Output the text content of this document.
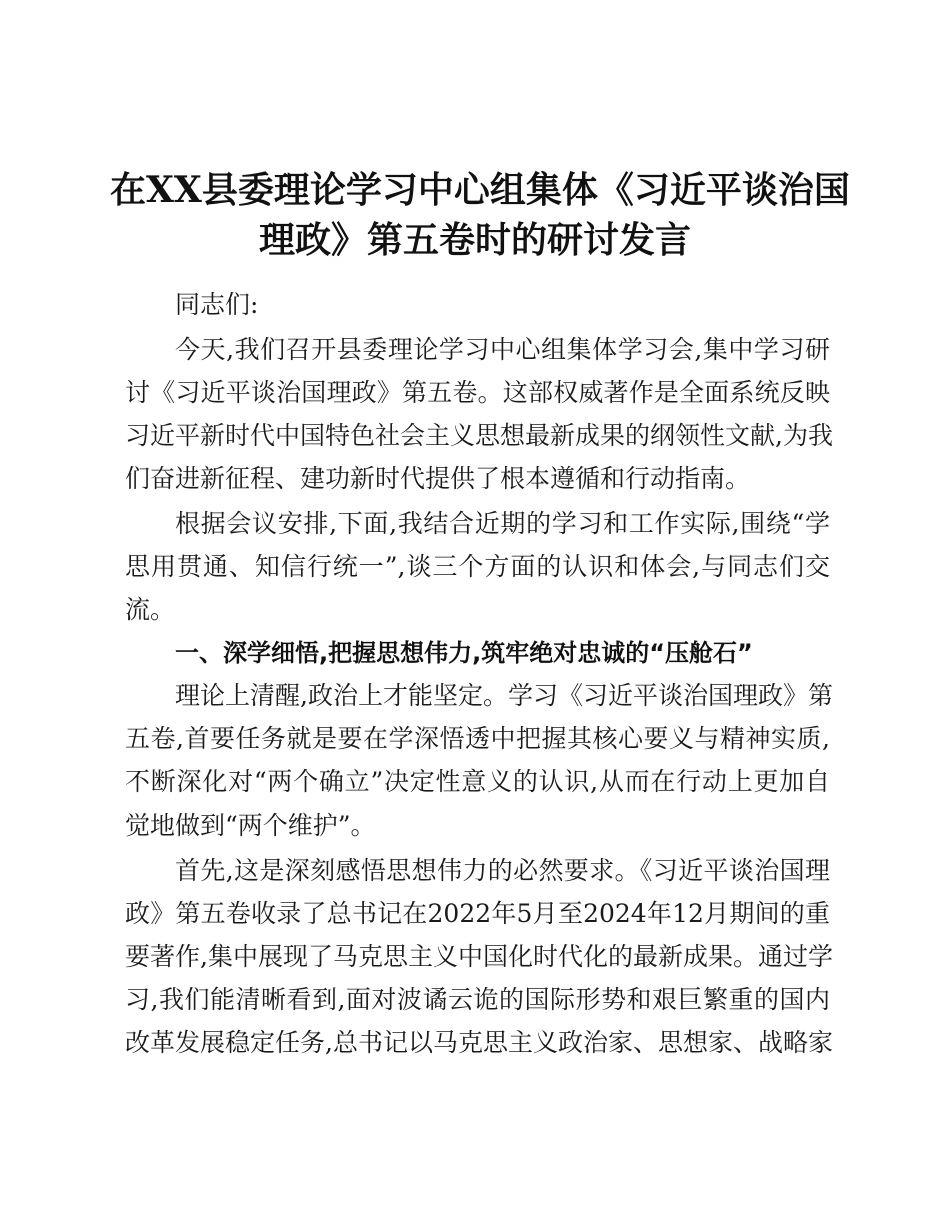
在XX县委理论学习中心组集体《习近平谈治国
理政》第五卷时的研讨发言
同志们:
今天,我们召开县委理论学习中心组集体学习会,集中学习研
讨《习近平谈治国理政》第五卷。这部权威著作是全面系统反映
习近平新时代中国特色社会主义思想最新成果的纲领性文献,为我
们奋进新征程、建功新时代提供了根本遵循和行动指南。
根据会议安排,下面,我结合近期的学习和工作实际,围绕“学
思用贯通、知信行统一”,谈三个方面的认识和体会,与同志们交
流。
一、深学细悟,把握思想伟力,筑牢绝对忠诚的“压舱石”
理论上清醒,政治上才能坚定。学习《习近平谈治国理政》第
五卷,首要任务就是要在学深悟透中把握其核心要义与精神实质,
不断深化对“两个确立”决定性意义的认识,从而在行动上更加自
觉地做到“两个维护”。
首先,这是深刻感悟思想伟力的必然要求。《习近平谈治国理
政》第五卷收录了总书记在2022年5月至2024年12月期间的重
要著作,集中展现了马克思主义中国化时代化的最新成果。通过学
习,我们能清晰看到,面对波谲云诡的国际形势和艰巨繁重的国内
改革发展稳定任务,总书记以马克思主义政治家、思想家、战略家
